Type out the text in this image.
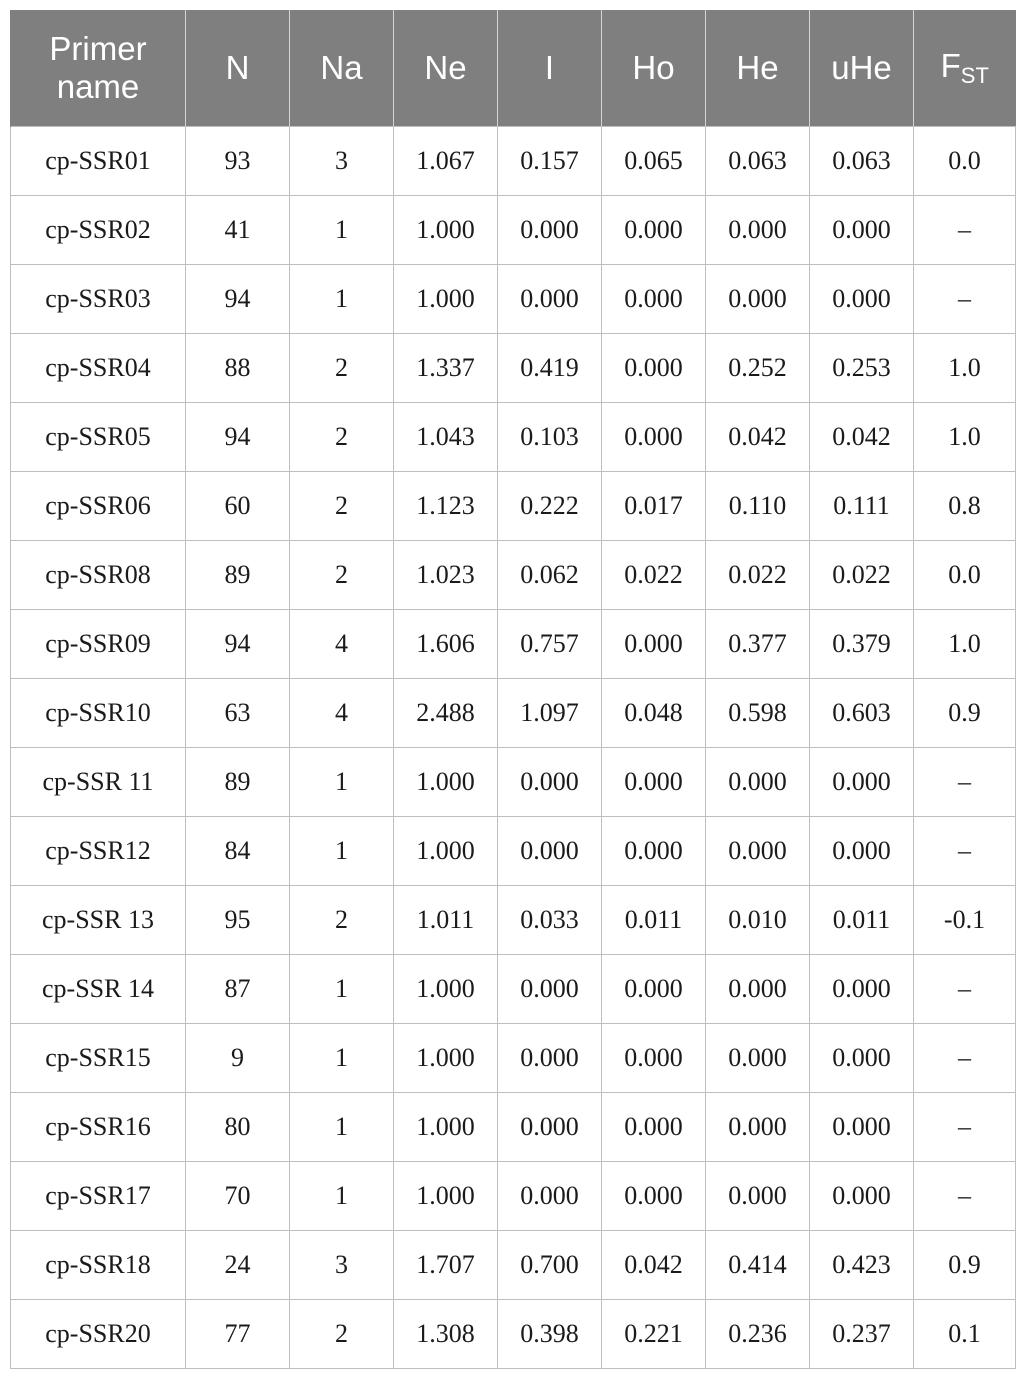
Primer name	N	Na	Ne	I	Ho	He	uHe	FST
cp-SSR01	93	3	1.067	0.157	0.065	0.063	0.063	0.0
cp-SSR02	41	1	1.000	0.000	0.000	0.000	0.000	–
cp-SSR03	94	1	1.000	0.000	0.000	0.000	0.000	–
cp-SSR04	88	2	1.337	0.419	0.000	0.252	0.253	1.0
cp-SSR05	94	2	1.043	0.103	0.000	0.042	0.042	1.0
cp-SSR06	60	2	1.123	0.222	0.017	0.110	0.111	0.8
cp-SSR08	89	2	1.023	0.062	0.022	0.022	0.022	0.0
cp-SSR09	94	4	1.606	0.757	0.000	0.377	0.379	1.0
cp-SSR10	63	4	2.488	1.097	0.048	0.598	0.603	0.9
cp-SSR 11	89	1	1.000	0.000	0.000	0.000	0.000	–
cp-SSR12	84	1	1.000	0.000	0.000	0.000	0.000	–
cp-SSR 13	95	2	1.011	0.033	0.011	0.010	0.011	-0.1
cp-SSR 14	87	1	1.000	0.000	0.000	0.000	0.000	–
cp-SSR15	9	1	1.000	0.000	0.000	0.000	0.000	–
cp-SSR16	80	1	1.000	0.000	0.000	0.000	0.000	–
cp-SSR17	70	1	1.000	0.000	0.000	0.000	0.000	–
cp-SSR18	24	3	1.707	0.700	0.042	0.414	0.423	0.9
cp-SSR20	77	2	1.308	0.398	0.221	0.236	0.237	0.1
